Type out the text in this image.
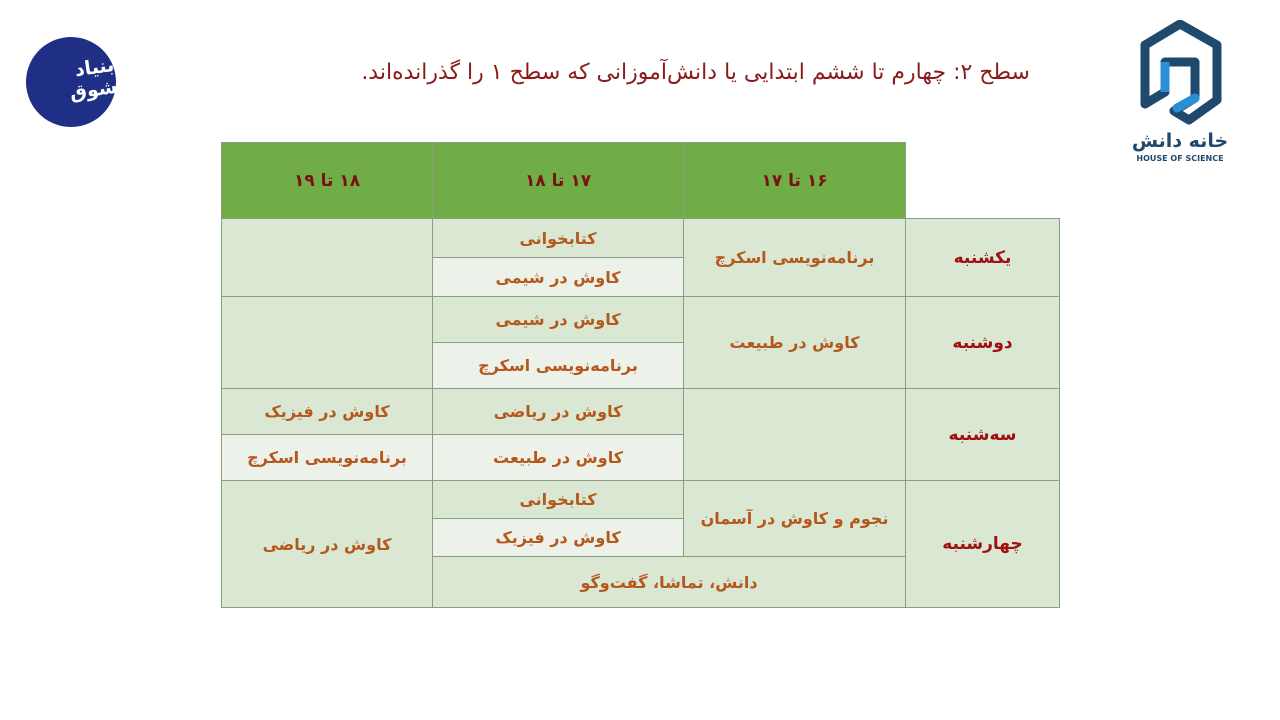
بنیاد شوق
خانه دانش
HOUSE OF SCIENCE
سطح ۲: چهارم تا ششم ابتدایی یا دانش‌آموزانی که سطح ۱ را گذرانده‌اند.
۱۶ تا ۱۷
۱۷ تا ۱۸
۱۸ تا ۱۹
یکشنبه
برنامه‌نویسی اسکرچ
کتابخوانی
کاوش در شیمی
دوشنبه
کاوش در طبیعت
کاوش در شیمی
برنامه‌نویسی اسکرچ
سه‌شنبه
کاوش در ریاضی
کاوش در طبیعت
کاوش در فیزیک
برنامه‌نویسی اسکرچ
چهارشنبه
نجوم و کاوش در آسمان
کتابخوانی
کاوش در فیزیک
کاوش در ریاضی
دانش، تماشا، گفت‌وگو
